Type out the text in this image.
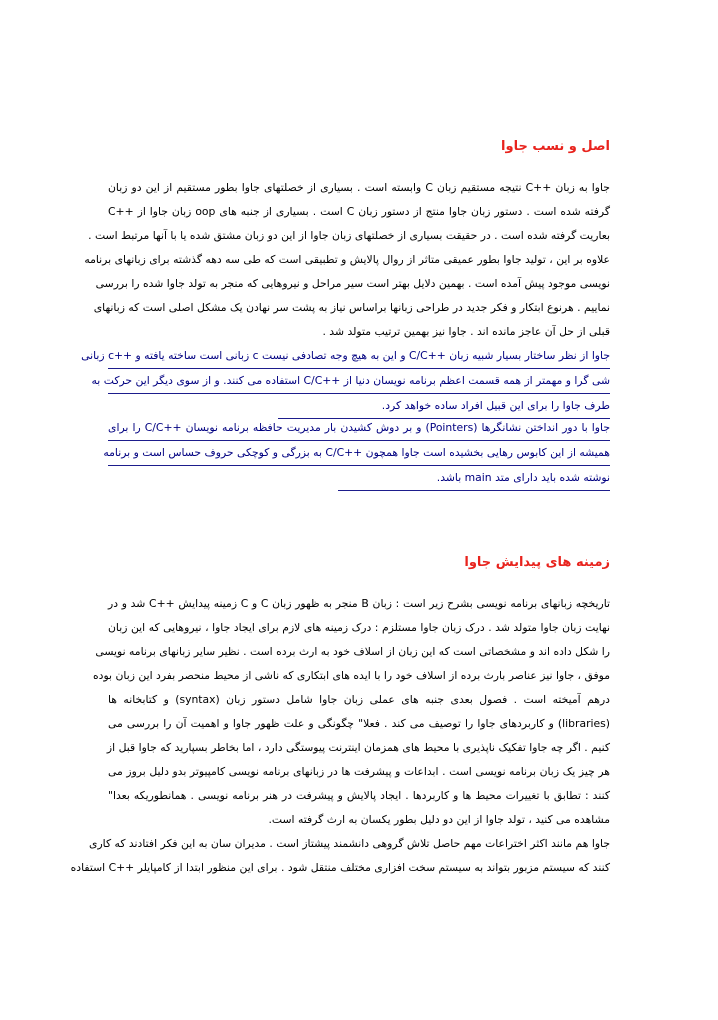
اصل و نسب جاوا
جاوا به زبان ++C نتیجه مستقیم زبان C وابسته است . بسیاری از خصلتهای جاوا بطور مستقیم از این دو زبان
گرفته شده است . دستور زبان جاوا منتج از دستور زبان C است . بسیاری از جنبه های oop زبان جاوا از ++C
بعاریت گرفته شده است . در حقیقت بسیاری از خصلتهای زبان جاوا از این دو زبان مشتق شده یا با آنها مرتبط است .
علاوه بر این ، تولید جاوا بطور عمیقی متاثر از روال پالایش و تطبیقی است که طی سه دهه گذشته برای زبانهای برنامه
نویسی موجود پیش آمده است . بهمین دلایل بهتر است سیر مراحل و نیروهایی که منجر به تولد جاوا شده را بررسی
نماییم . هرنوع ابتکار و فکر جدید در طراحی زبانها براساس نیاز به پشت سر نهادن یک مشکل اصلی است که زبانهای
قبلی از حل آن عاجز مانده اند . جاوا نیز بهمین ترتیب متولد شد .
جاوا از نظر ساختار بسیار شبیه زبان ++C/C و این به هیچ وجه تصادفی نیست c زبانی است ساخته یافته و ++c زبانی
شی گرا و مهمتر از همه قسمت اعظم برنامه نویسان دنیا از ++C/C استفاده می کنند. و از سوی دیگر این حرکت به
طرف جاوا را برای این قبیل افراد ساده خواهد کرد.
جاوا با دور انداختن نشانگرها (Pointers) و بر دوش کشیدن بار مدیریت حافظه برنامه نویسان ++C/C را برای
همیشه از این کابوس رهایی بخشیده است جاوا همچون ++C/C به بزرگی و کوچکی حروف حساس است و برنامه
نوشته شده باید دارای متد main باشد.
زمینه های پیدایش جاوا
تاریخچه زبانهای برنامه نویسی بشرح زیر است : زبان B منجر به ظهور زبان C و C زمینه پیدایش ++C شد و در
نهایت زبان جاوا متولد شد . درک زبان جاوا مستلزم : درک زمینه های لازم برای ایجاد جاوا ، نیروهایی که این زبان
را شکل داده اند و مشخصاتی است که این زبان از اسلاف خود به ارث برده است . نظیر سایر زبانهای برنامه نویسی
موفق ، جاوا نیز عناصر بارث برده از اسلاف خود را با ایده های ابتکاری که ناشی از محیط منحصر بفرد این زبان بوده
درهم آمیخته است . فصول بعدی جنبه های عملی زبان جاوا شامل دستور زبان (syntax) و کتابخانه ها
(libraries) و کاربردهای جاوا را توصیف می کند . فعلا" چگونگی و علت ظهور جاوا و اهمیت آن را بررسی می
کنیم . اگر چه جاوا تفکیک ناپذیری با محیط های همزمان اینترنت پیوستگی دارد ، اما بخاطر بسپارید که جاوا قبل از
هر چیز یک زبان برنامه نویسی است . ابداعات و پیشرفت ها در زبانهای برنامه نویسی کامپیوتر بدو دلیل بروز می
کنند : تطابق با تغییرات محیط ها و کاربردها . ایجاد پالایش و پیشرفت در هنر برنامه نویسی . همانطوریکه بعدا"
مشاهده می کنید ، تولد جاوا از این دو دلیل بطور یکسان به ارث گرفته است.
جاوا هم مانند اکثر اختراعات مهم حاصل تلاش گروهی دانشمند پیشتاز است . مدیران سان به این فکر افتادند که کاری
کنند که سیستم مزبور بتواند به سیستم سخت افزاری مختلف منتقل شود . برای این منظور ابتدا از کامپایلر ++C استفاده
